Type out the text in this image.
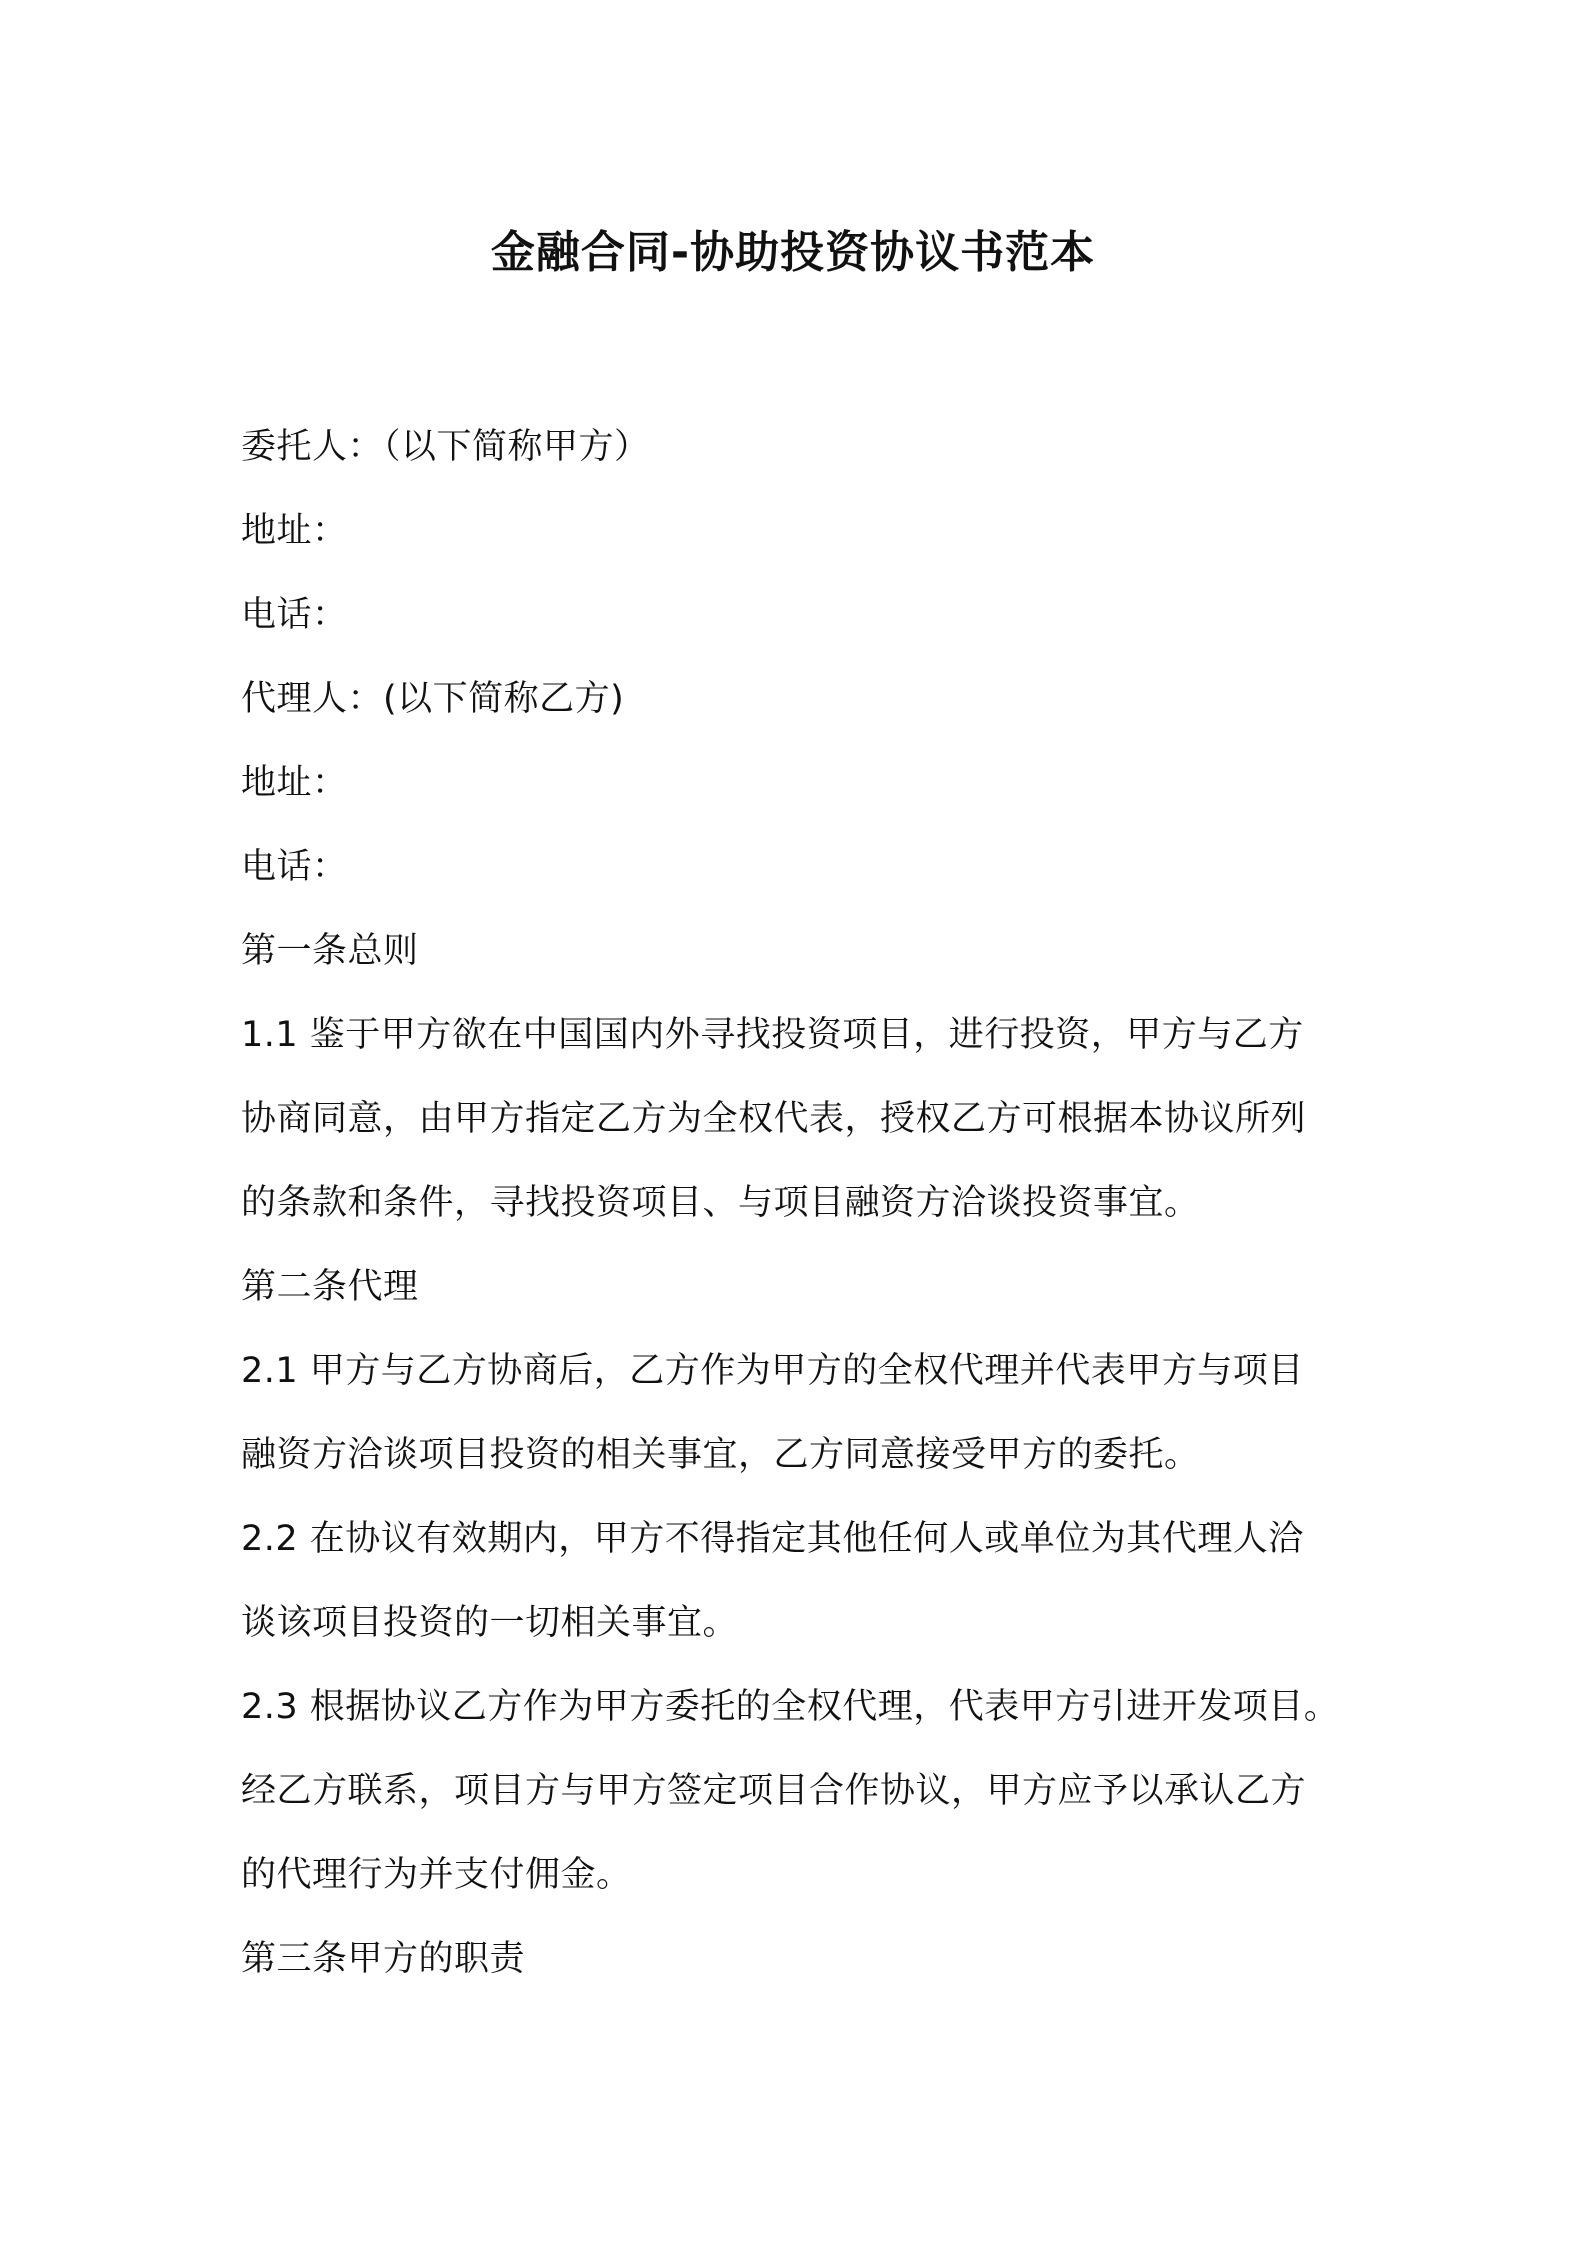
金融合同-协助投资协议书范本

委托人：（以下简称甲方）

地址：

电话：

代理人：(以下简称乙方)

地址：

电话：

第一条总则

1.1 鉴于甲方欲在中国国内外寻找投资项目，进行投资，甲方与乙方

协商同意，由甲方指定乙方为全权代表，授权乙方可根据本协议所列

的条款和条件，寻找投资项目、与项目融资方洽谈投资事宜。

第二条代理

2.1 甲方与乙方协商后，乙方作为甲方的全权代理并代表甲方与项目

融资方洽谈项目投资的相关事宜，乙方同意接受甲方的委托。

2.2 在协议有效期内，甲方不得指定其他任何人或单位为其代理人洽

谈该项目投资的一切相关事宜。

2.3 根据协议乙方作为甲方委托的全权代理，代表甲方引进开发项目。

经乙方联系，项目方与甲方签定项目合作协议，甲方应予以承认乙方

的代理行为并支付佣金。

第三条甲方的职责
